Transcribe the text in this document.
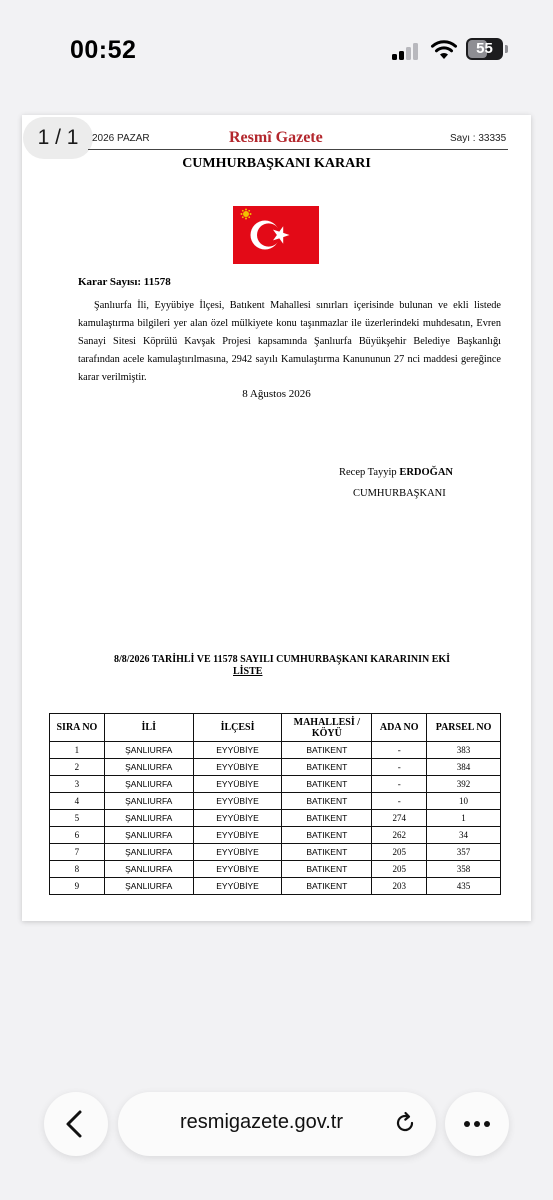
00:52	55
1 / 1	2026 PAZAR	Resmî Gazete	Sayı : 33335
CUMHURBAŞKANI KARARI
Karar Sayısı: 11578
Şanlıurfa İli, Eyyübiye İlçesi, Batıkent Mahallesi sınırları içerisinde bulunan ve ekli listede kamulaştırma bilgileri yer alan özel mülkiyete konu taşınmazlar ile üzerlerindeki muhdesatın, Evren Sanayi Sitesi Köprülü Kavşak Projesi kapsamında Şanlıurfa Büyükşehir Belediye Başkanlığı tarafından acele kamulaştırılmasına, 2942 sayılı Kamulaştırma Kanununun 27 nci maddesi gereğince karar verilmiştir.
8 Ağustos 2026
Recep Tayyip ERDOĞAN
CUMHURBAŞKANI
8/8/2026 TARİHLİ VE 11578 SAYILI CUMHURBAŞKANI KARARININ EKİ
LİSTE
SIRA NO	İLİ	İLÇESİ	MAHALLESİ / KÖYÜ	ADA NO	PARSEL NO
1	ŞANLIURFA	EYYÜBİYE	BATIKENT	-	383
2	ŞANLIURFA	EYYÜBİYE	BATIKENT	-	384
3	ŞANLIURFA	EYYÜBİYE	BATIKENT	-	392
4	ŞANLIURFA	EYYÜBİYE	BATIKENT	-	10
5	ŞANLIURFA	EYYÜBİYE	BATIKENT	274	1
6	ŞANLIURFA	EYYÜBİYE	BATIKENT	262	34
7	ŞANLIURFA	EYYÜBİYE	BATIKENT	205	357
8	ŞANLIURFA	EYYÜBİYE	BATIKENT	205	358
9	ŞANLIURFA	EYYÜBİYE	BATIKENT	203	435
resmigazete.gov.tr
